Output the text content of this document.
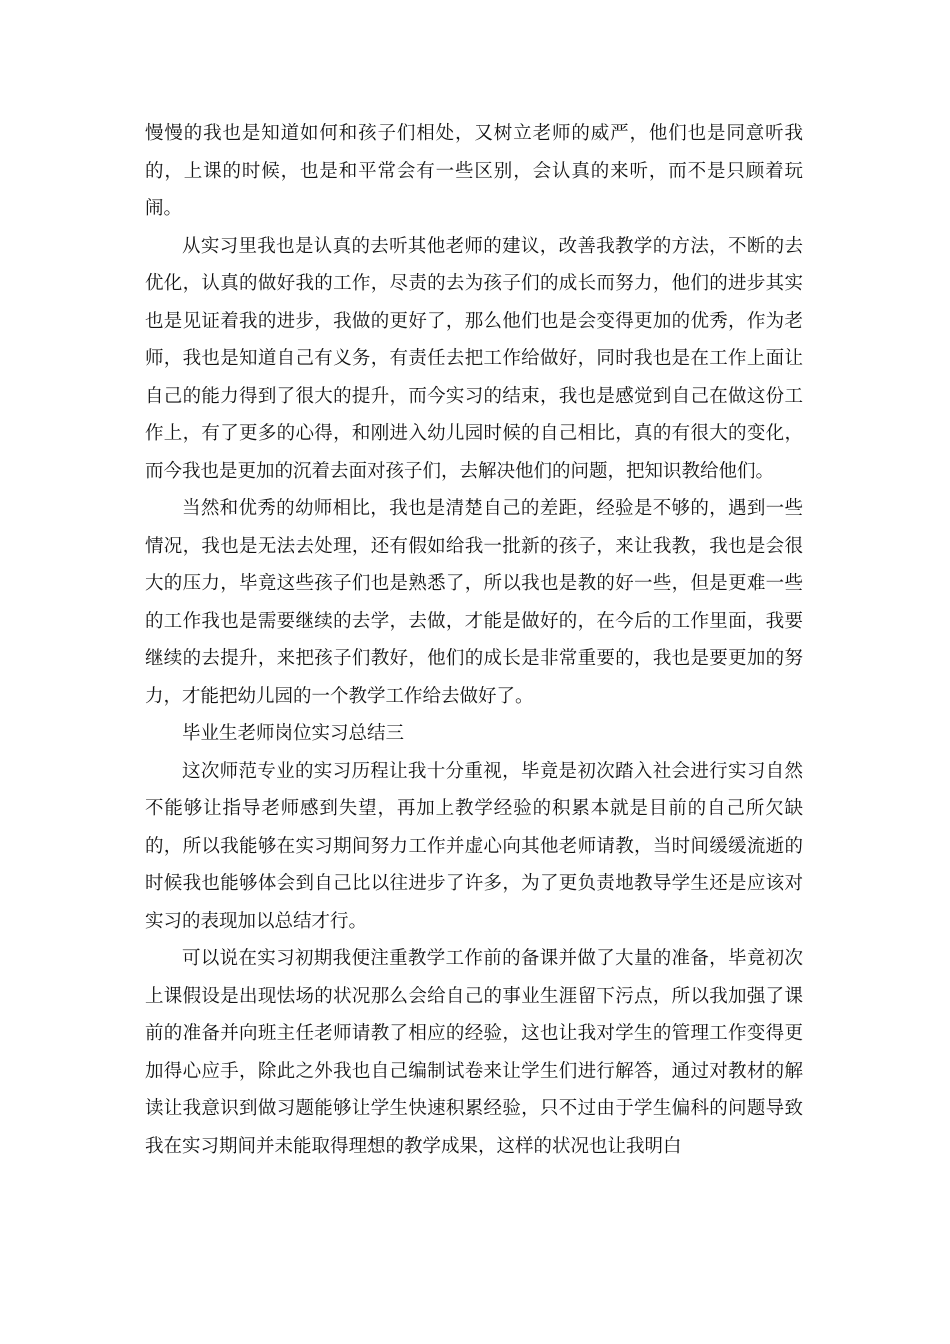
慢慢的我也是知道如何和孩子们相处，又树立老师的威严，他们也是同意听我的，上课的时候，也是和平常会有一些区别，会认真的来听，而不是只顾着玩闹。

从实习里我也是认真的去听其他老师的建议，改善我教学的方法，不断的去优化，认真的做好我的工作，尽责的去为孩子们的成长而努力，他们的进步其实也是见证着我的进步，我做的更好了，那么他们也是会变得更加的优秀，作为老师，我也是知道自己有义务，有责任去把工作给做好，同时我也是在工作上面让自己的能力得到了很大的提升，而今实习的结束，我也是感觉到自己在做这份工作上，有了更多的心得，和刚进入幼儿园时候的自己相比，真的有很大的变化，而今我也是更加的沉着去面对孩子们，去解决他们的问题，把知识教给他们。

当然和优秀的幼师相比，我也是清楚自己的差距，经验是不够的，遇到一些情况，我也是无法去处理，还有假如给我一批新的孩子，来让我教，我也是会很大的压力，毕竟这些孩子们也是熟悉了，所以我也是教的好一些，但是更难一些的工作我也是需要继续的去学，去做，才能是做好的，在今后的工作里面，我要继续的去提升，来把孩子们教好，他们的成长是非常重要的，我也是要更加的努力，才能把幼儿园的一个教学工作给去做好了。

毕业生老师岗位实习总结三

这次师范专业的实习历程让我十分重视，毕竟是初次踏入社会进行实习自然不能够让指导老师感到失望，再加上教学经验的积累本就是目前的自己所欠缺的，所以我能够在实习期间努力工作并虚心向其他老师请教，当时间缓缓流逝的时候我也能够体会到自己比以往进步了许多，为了更负责地教导学生还是应该对实习的表现加以总结才行。

可以说在实习初期我便注重教学工作前的备课并做了大量的准备，毕竟初次上课假设是出现怯场的状况那么会给自己的事业生涯留下污点，所以我加强了课前的准备并向班主任老师请教了相应的经验，这也让我对学生的管理工作变得更加得心应手，除此之外我也自己编制试卷来让学生们进行解答，通过对教材的解读让我意识到做习题能够让学生快速积累经验，只不过由于学生偏科的问题导致我在实习期间并未能取得理想的教学成果，这样的状况也让我明白
